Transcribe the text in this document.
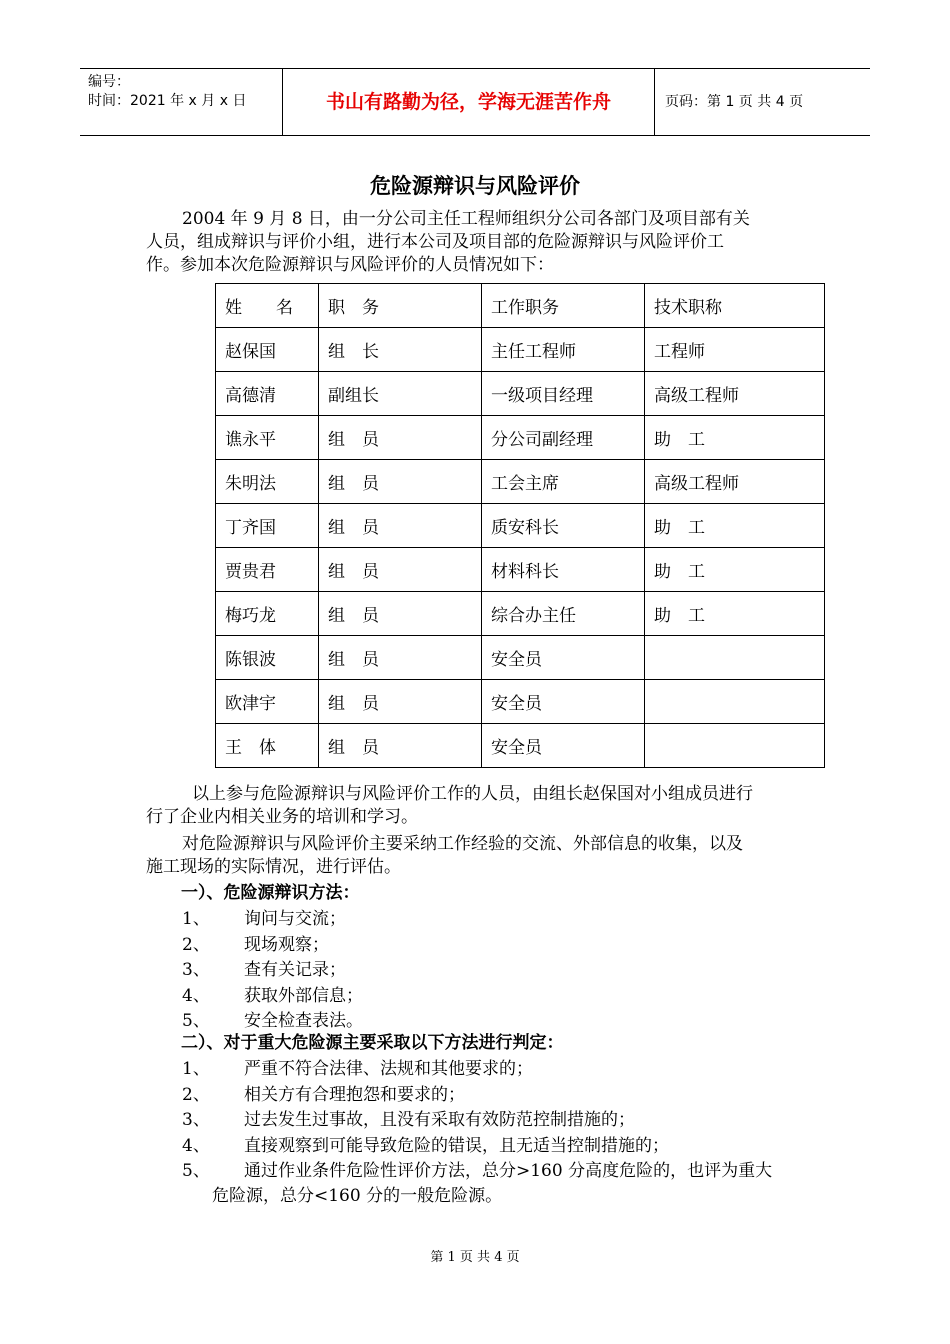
编号：
时间：2021 年 x 月 x 日	书山有路勤为径，学海无涯苦作舟	页码：第 1 页 共 4 页
危险源辩识与风险评价
2004 年 9 月 8 日，由一分公司主任工程师组织分公司各部门及项目部有关
人员，组成辩识与评价小组，进行本公司及项目部的危险源辩识与风险评价工
作。参加本次危险源辩识与风险评价的人员情况如下：
姓　　名	职　务	工作职务	技术职称
赵保国	组　长	主任工程师	工程师
高德清	副组长	一级项目经理	高级工程师
谯永平	组　员	分公司副经理	助　工
朱明法	组　员	工会主席	高级工程师
丁齐国	组　员	质安科长	助　工
贾贵君	组　员	材料科长	助　工
梅巧龙	组　员	综合办主任	助　工
陈银波	组　员	安全员	
欧津宇	组　员	安全员	
王　体	组　员	安全员	
以上参与危险源辩识与风险评价工作的人员，由组长赵保国对小组成员进行
行了企业内相关业务的培训和学习。
对危险源辩识与风险评价主要采纳工作经验的交流、外部信息的收集，以及
施工现场的实际情况，进行评估。
一）、危险源辩识方法：
1、 询问与交流；
2、 现场观察；
3、 查有关记录；
4、 获取外部信息；
5、 安全检查表法。
二）、对于重大危险源主要采取以下方法进行判定：
1、 严重不符合法律、法规和其他要求的；
2、 相关方有合理抱怨和要求的；
3、 过去发生过事故，且没有采取有效防范控制措施的；
4、 直接观察到可能导致危险的错误，且无适当控制措施的；
5、 通过作业条件危险性评价方法，总分>160 分高度危险的，也评为重大
危险源，总分<160 分的一般危险源。
第 1 页 共 4 页
